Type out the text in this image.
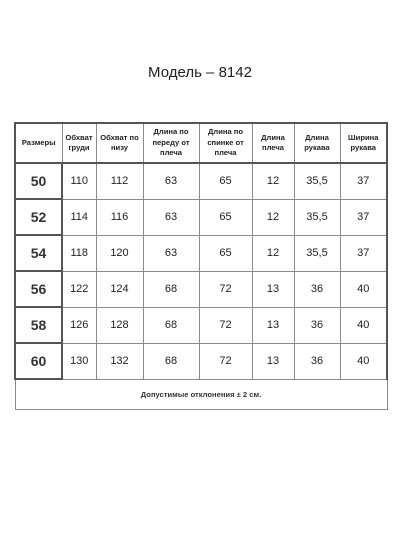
Модель – 8142
Размеры	Обхват груди	Обхват по низу	Длина по переду от плеча	Длина по спинке от плеча	Длина плеча	Длина рукава	Ширина рукава
50	110	112	63	65	12	35,5	37
52	114	116	63	65	12	35,5	37
54	118	120	63	65	12	35,5	37
56	122	124	68	72	13	36	40
58	126	128	68	72	13	36	40
60	130	132	68	72	13	36	40
Допустимые отклонения ± 2 см.							
